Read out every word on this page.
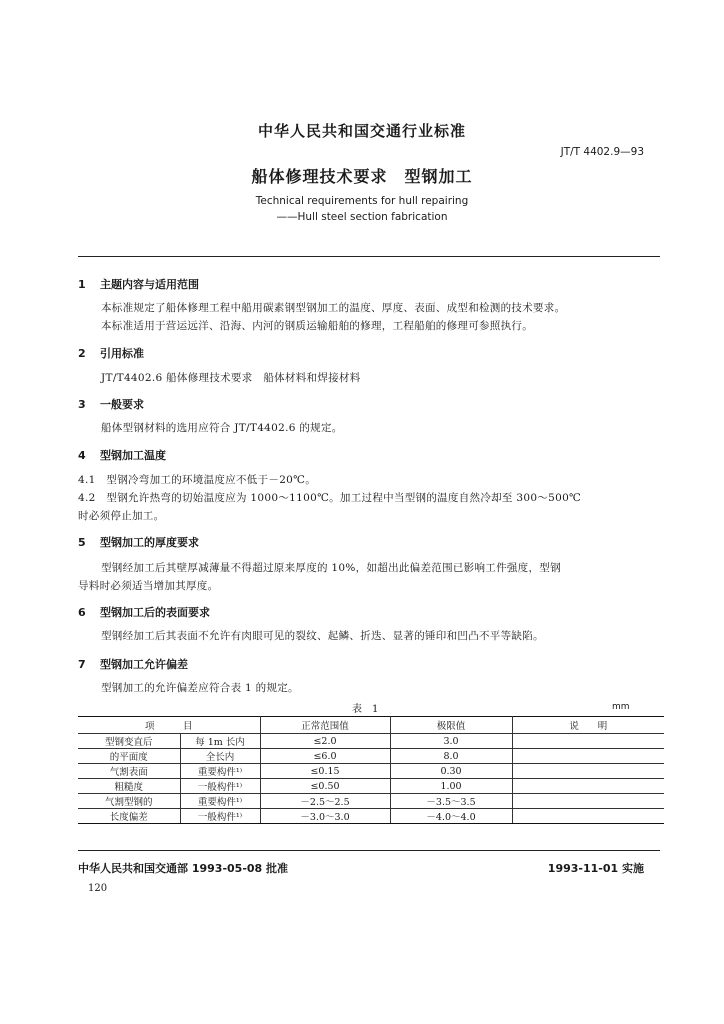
中华人民共和国交通行业标准
JT/T 4402.9—93
船体修理技术要求　型钢加工
Technical requirements for hull repairing
——Hull steel section fabrication
1 主题内容与适用范围
本标准规定了船体修理工程中船用碳素钢型钢加工的温度、厚度、表面、成型和检测的技术要求。
本标准适用于营运远洋、沿海、内河的钢质运输船舶的修理，工程船舶的修理可参照执行。
2 引用标准
JT/T4402.6 船体修理技术要求　船体材料和焊接材料
3 一般要求
船体型钢材料的选用应符合 JT/T4402.6 的规定。
4 型钢加工温度
4.1　型钢冷弯加工的环境温度应不低于－20℃。
4.2　型钢允许热弯的切始温度应为 1000～1100℃。加工过程中当型钢的温度自然冷却至 300～500℃
时必须停止加工。
5 型钢加工的厚度要求
型钢经加工后其壁厚减薄量不得超过原来厚度的 10%，如超出此偏差范围已影响工件强度，型钢
导料时必须适当增加其厚度。
6 型钢加工后的表面要求
型钢经加工后其表面不允许有肉眼可见的裂纹、起鳞、折迭、显著的锤印和凹凸不平等缺陷。
7 型钢加工允许偏差
型钢加工的允许偏差应符合表 1 的规定。
表　1	mm
项　　　目		正常范围值	极限值	说　　明
型钢变直后	每 1m 长内	≤2.0	3.0	
的平面度	全长内	≤6.0	8.0	
气割表面	重要构件¹⁾	≤0.15	0.30	
粗糙度	一般构件¹⁾	≤0.50	1.00	
气割型钢的	重要构件¹⁾	－2.5～2.5	－3.5～3.5	
长度偏差	一般构件¹⁾	－3.0～3.0	－4.0～4.0	
中华人民共和国交通部 1993-05-08 批准	1993-11-01 实施
120
